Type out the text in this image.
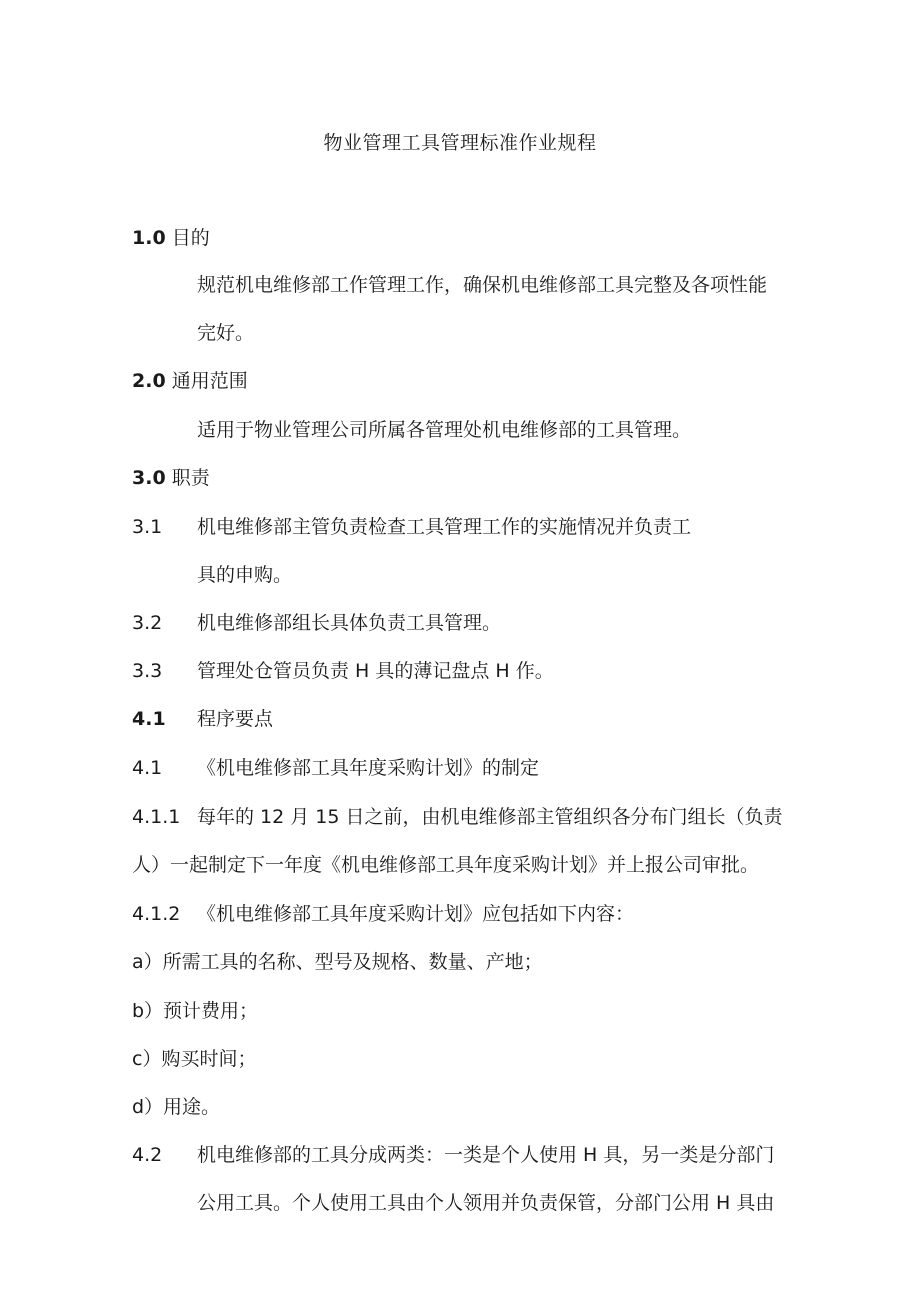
物业管理工具管理标准作业规程
1.0 目的
规范机电维修部工作管理工作，确保机电维修部工具完整及各项性能
完好。
2.0 通用范围
适用于物业管理公司所属各管理处机电维修部的工具管理。
3.0 职责
3.1 机电维修部主管负责检查工具管理工作的实施情况并负责工
具的申购。
3.2 机电维修部组长具体负责工具管理。
3.3 管理处仓管员负责 H 具的薄记盘点 H 作。
4.1 程序要点
4.1 《机电维修部工具年度采购计划》的制定
4.1.1 每年的 12 月 15 日之前，由机电维修部主管组织各分布门组长（负责
人）一起制定下一年度《机电维修部工具年度采购计划》并上报公司审批。
4.1.2 《机电维修部工具年度采购计划》应包括如下内容：
a）所需工具的名称、型号及规格、数量、产地；
b）预计费用；
c）购买时间；
d）用途。
4.2 机电维修部的工具分成两类：一类是个人使用 H 具，另一类是分部门
公用工具。个人使用工具由个人领用并负责保管，分部门公用 H 具由
